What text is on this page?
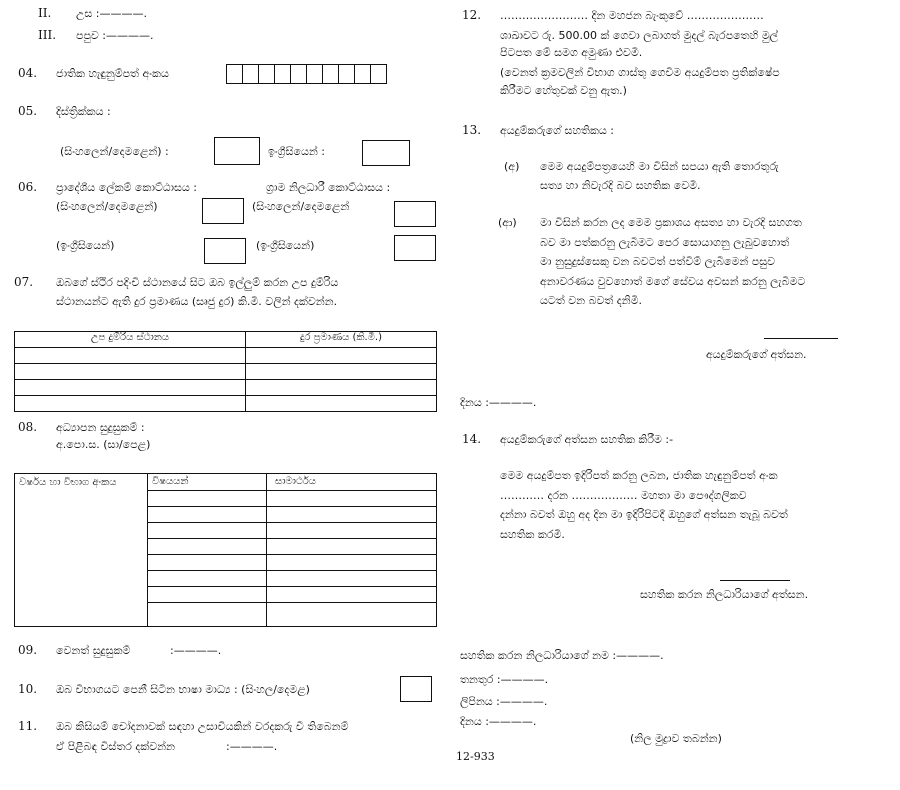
II. උස :————.
III. පපුව :————.
04. ජාතික හැඳුනුම්පත් අංකය
05. දිස්ත්‍රික්කය :
(සිංහලෙන්/දෙමළෙන්) :	ඉංග්‍රීසියෙන් :
06. ප්‍රාදේශීය ලේකම් කොට්ඨාසය :	ග්‍රාම නිලධාරී කොට්ඨාසය :
(සිංහලෙන්/දෙමළෙන්)	(සිංහලෙන්/දෙමළෙන්
(ඉංග්‍රීසියෙන්)	(ඉංග්‍රීසියෙන්)
07. ඔබගේ ස්ථිර පදිංචි ස්ථානයේ සිට ඔබ ඉල්ලුම් කරන උප දුම්රිය
ස්ථානයන්ට ඇති දුර ප්‍රමාණය (සෘජු දුර) කි.මී. වලින් දක්වන්න.
උප දුම්රිය ස්ථානය	දුර ප්‍රමාණය (කි.මී.)

08. අධ්‍යාපන සුදුසුකම් :
අ.පො.ස. (සා/පෙළ)
වර්ෂය හා විභාග අංකය	විෂයයන්	සාමාර්ථය
09. වෙනත් සුදුසුකම්	:————.
10. ඔබ විභාගයට පෙනී සිටින භාෂා මාධ්‍ය : (සිංහල/දෙමළ)
11. ඔබ කිසියම් චෝදනාවක් සඳහා උසාවියකින් වරදකරු වී තිබෙනම්
ඒ පිළිබඳ විස්තර දක්වන්න	:————.
12. …………………… දින මහජන බැංකුවේ …………………
ශාඛාවට රු. 500.00 ක් ගෙවා ලබාගත් මුදල් බැරපතෙහි මුල්
පිටපත මේ සමග අමුණා එවමි.
(වෙනත් ක්‍රමවලින් විභාග ගාස්තු ගෙවීම අයදුම්පත ප්‍රතික්ෂේප
කිරීමට හේතුවක් වනු ඇත.)
13. අයදුම්කරුගේ සහතිකය :
(අ) මෙම අයදුම්පත්‍රයෙහි මා විසින් සපයා ඇති තොරතුරු
සත්‍ය හා නිවැරදි බව සහතික වෙමි.
(ආ) මා විසින් කරන ලද මෙම ප්‍රකාශය අසත්‍ය හා වැරදි සහගත
බව මා පත්කරනු ලැබීමට පෙර සොයාගනු ලැබුවහොත්
මා නුසුදුස්සෙකු වන බවටත් පත්වීම් ලැබීමෙන් පසුව
අනාවරණය වුවහොත් මගේ සේවය අවසන් කරනු ලැබීමට
යටත් වන බවත් දනිමි.
අයදුම්කරුගේ අත්සන.
දිනය :————.
14. අයදුම්කරුගේ අත්සන සහතික කිරීම :-
මෙම අයදුම්පත ඉදිරිපත් කරනු ලබන, ජාතික හැඳුනුම්පත් අංක
………… දරන ……………… මහතා මා පෞද්ගලිකව
දන්නා බවත් ඔහු අද දින මා ඉදිරිපිටදී ඔහුගේ අත්සන තැබූ බවත්
සහතික කරමි.
සහතික කරන නිලධාරියාගේ අත්සන.
සහතික කරන නිලධාරියාගේ නම :————.
තනතුර :————.
ලිපිනය :————.
දිනය :————.
(නිල මුද්‍රාව තබන්න)
12-933
